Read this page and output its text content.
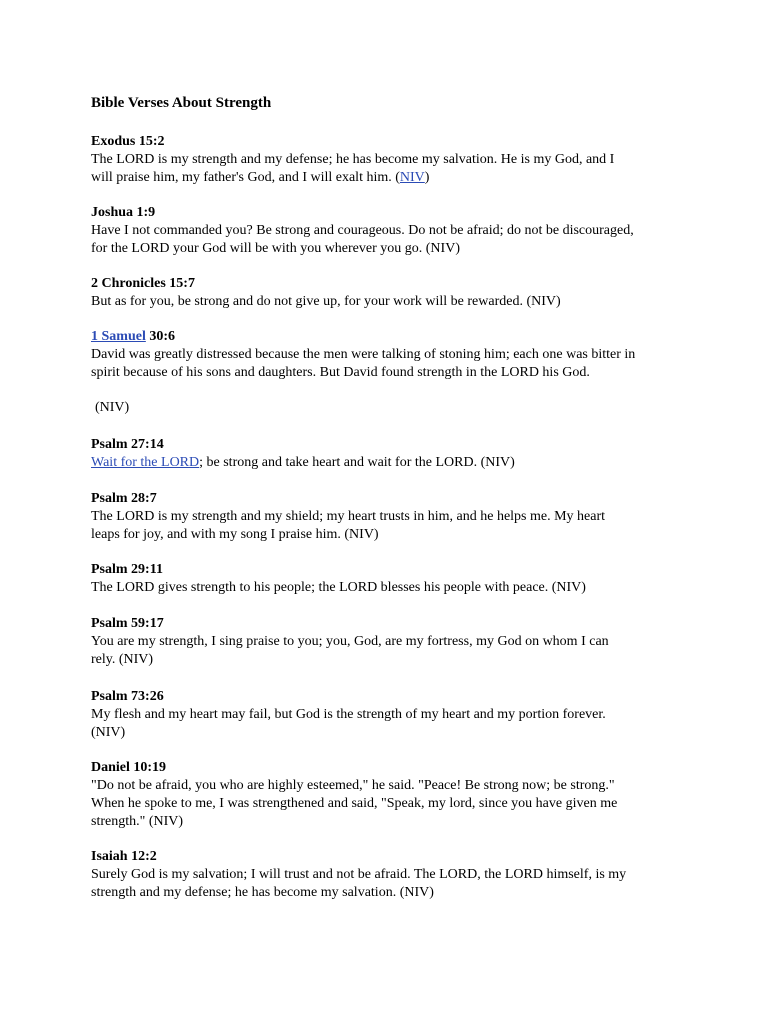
Bible Verses About Strength
Exodus 15:2
The LORD is my strength and my defense; he has become my salvation. He is my God, and I
will praise him, my father's God, and I will exalt him. (NIV)
Joshua 1:9
Have I not commanded you? Be strong and courageous. Do not be afraid; do not be discouraged,
for the LORD your God will be with you wherever you go. (NIV)
2 Chronicles 15:7
But as for you, be strong and do not give up, for your work will be rewarded. (NIV)
1 Samuel 30:6
David was greatly distressed because the men were talking of stoning him; each one was bitter in
spirit because of his sons and daughters. But David found strength in the LORD his God.
(NIV)
Psalm 27:14
Wait for the LORD; be strong and take heart and wait for the LORD. (NIV)
Psalm 28:7
The LORD is my strength and my shield; my heart trusts in him, and he helps me. My heart
leaps for joy, and with my song I praise him. (NIV)
Psalm 29:11
The LORD gives strength to his people; the LORD blesses his people with peace. (NIV)
Psalm 59:17
You are my strength, I sing praise to you; you, God, are my fortress, my God on whom I can
rely. (NIV)
Psalm 73:26
My flesh and my heart may fail, but God is the strength of my heart and my portion forever.
(NIV)
Daniel 10:19
"Do not be afraid, you who are highly esteemed," he said. "Peace! Be strong now; be strong."
When he spoke to me, I was strengthened and said, "Speak, my lord, since you have given me
strength." (NIV)
Isaiah 12:2
Surely God is my salvation; I will trust and not be afraid. The LORD, the LORD himself, is my
strength and my defense; he has become my salvation. (NIV)
